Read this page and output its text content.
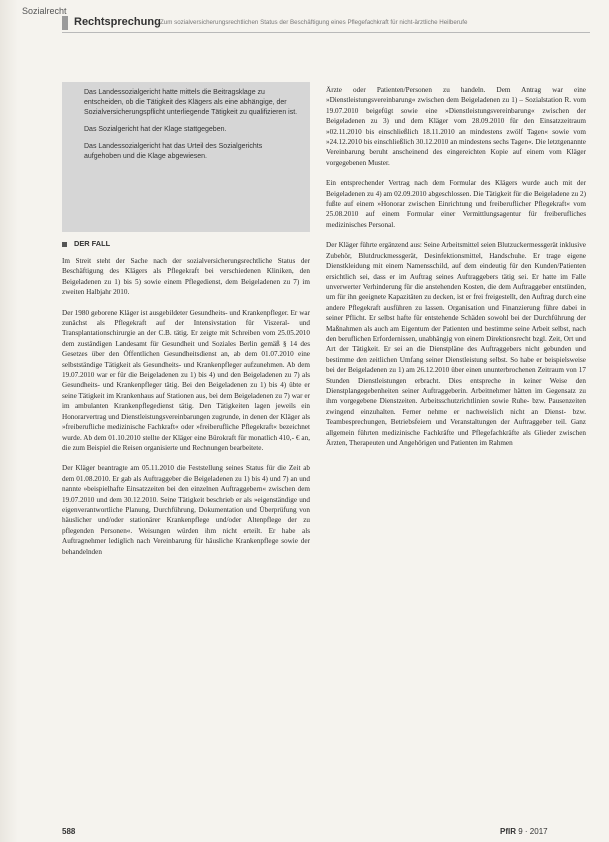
Sozialrecht
Rechtsprechung Zum sozialversicherungsrechtlichen Status der Beschäftigung eines Pflegefachkraft für nicht-ärztliche Heilberufe

Das Landessozialgericht hatte mittels die Beitragsklage zu entscheiden, ob die Tätigkeit des Klägers als eine abhängige, der Sozialversicherungspflicht unterliegende Tätigkeit zu qualifizieren ist.

Das Sozialgericht hat der Klage stattgegeben.

Das Landessozialgericht hat das Urteil des Sozialgerichts aufgehoben und die Klage abgewiesen.

DER FALL

Im Streit steht der Sache nach der sozialversicherungsrechtliche Status der Beschäftigung des Klägers als Pflegekraft bei verschiedenen Kliniken, den Beigeladenen zu 1) bis 5) sowie einem Pflegedienst, dem Beigeladenen zu 7) im zweiten Halbjahr 2010.

Der 1980 geborene Kläger ist ausgebildeter Gesundheits- und Krankenpfleger. Er war zunächst als Pflegekraft auf der Intensivstation für Viszeral- und Transplantationschirurgie an der C.B. tätig. Er zeigte mit Schreiben vom 25.05.2010 dem zuständigen Landesamt für Gesundheit und Soziales Berlin gemäß § 14 des Gesetzes über den Öffentlichen Gesundheitsdienst an, ab dem 01.07.2010 eine selbstständige Tätigkeit als Gesundheits- und Krankenpfleger aufzunehmen. Ab dem 19.07.2010 war er für die Beigeladenen zu 1) bis 4) und den Beigeladenen zu 7) als Gesundheits- und Krankenpfleger tätig. Bei den Beigeladenen zu 1) bis 4) übte er seine Tätigkeit im Krankenhaus auf Stationen aus, bei dem Beigeladenen zu 7) war er im ambulanten Krankenpflegedienst tätig. Den Tätigkeiten lagen jeweils ein Honorarvertrag und Dienstleistungsvereinbarungen zugrunde, in denen der Kläger als »freiberufliche medizinische Fachkraft« oder »freiberufliche Pflegekraft« bezeichnet wurde. Ab dem 01.10.2010 stellte der Kläger eine Bürokraft für monatlich 410,- € an, die zum Beispiel die Reisen organisierte und Rechnungen bearbeitete.

Der Kläger beantragte am 05.11.2010 die Feststellung seines Status für die Zeit ab dem 01.08.2010. Er gab als Auftraggeber die Beigeladenen zu 1) bis 4) und 7) an und nannte »beispielhafte Einsatzzeiten bei den einzelnen Auftraggebern« zwischen dem 19.07.2010 und dem 30.12.2010. Seine Tätigkeit beschrieb er als »eigenständige und eigenverantwortliche Planung, Durchführung, Dokumentation und Überprüfung von häuslicher und/oder stationärer Krankenpflege und/oder Altenpflege der zu pflegenden Personen«. Weisungen würden ihm nicht erteilt. Er habe als Auftragnehmer lediglich nach Vereinbarung für häusliche Krankenpflege sowie der behandelnden

Ärzte oder Patienten/Personen zu handeln. Dem Antrag war eine »Dienstleistungsvereinbarung« zwischen dem Beigeladenen zu 1) – Sozialstation R. vom 19.07.2010 beigefügt sowie eine »Dienstleistungsvereinbarung« zwischen der Beigeladenen zu 3) und dem Kläger vom 28.09.2010 für den Einsatzzeitraum »02.11.2010 bis einschließlich 18.11.2010 an mindestens zwölf Tagen« sowie vom »24.12.2010 bis einschließlich 30.12.2010 an mindestens sechs Tagen«. Die letztgenannte Vereinbarung beruht anscheinend des eingereichten Kopie auf einem vom Kläger vorgegebenen Muster.

Ein entsprechender Vertrag nach dem Formular des Klägers wurde auch mit der Beigeladenen zu 4) am 02.09.2010 abgeschlossen. Die Tätigkeit für die Beigeladene zu 2) fußte auf einem »Honorar zwischen Einrichtung und freiberuflicher Pflegekraft« vom 25.08.2010 auf einem Formular einer Vermittlungsagentur für freiberufliches medizinisches Personal.

Der Kläger führte ergänzend aus: Seine Arbeitsmittel seien Blutzuckermessgerät inklusive Zubehör, Blutdruckmessgerät, Desinfektionsmittel, Handschuhe. Er trage eigene Dienstkleidung mit einem Namensschild, auf dem eindeutig für den Kunden/Patienten ersichtlich sei, dass er im Auftrag seines Auftraggebers tätig sei. Er hatte im Falle unverwerter Verhinderung für die anstehenden Kosten, die dem Auftraggeber entstünden, um für ihn geeignete Kapazitäten zu decken, ist er frei freigestellt, den Auftrag durch eine andere Pflegekraft ausführen zu lassen. Organisation und Finanzierung führe dabei in seiner Pflicht. Er selbst hafte für entstehende Schäden sowohl bei der Durchführung der Maßnahmen als auch am Eigentum der Patienten und bestimme seine Arbeit selbst, nach den beruflichen Erfordernissen, unabhängig von einem Direktionsrecht bzgl. Zeit, Ort und Art der Tätigkeit. Er sei an die Dienstpläne des Auftraggebers nicht gebunden und bestimme den zeitlichen Umfang seiner Dienstleistung selbst. So habe er beispielsweise bei der Beigeladenen zu 1) am 26.12.2010 über einen ununterbrochenen Zeitraum von 17 Stunden Dienstleistungen erbracht. Dies entspreche in keiner Weise den Dienstplangegebenheiten seiner Auftraggeberin. Arbeitnehmer hätten im Gegensatz zu ihm vorgegebene Dienstzeiten. Arbeitsschutzrichtlinien sowie Ruhe- bzw. Pausenzeiten zwingend einzuhalten. Ferner nehme er nachweislich nicht an Dienst- bzw. Teambesprechungen, Betriebsfeiern und Veranstaltungen der Auftraggeber teil. Ganz allgemein führten medizinische Fachkräfte und Pflegefachkräfte als Glieder zwischen Ärzten, Therapeuten und Angehörigen und Patienten im Rahmen

588	PflR 9 · 2017
